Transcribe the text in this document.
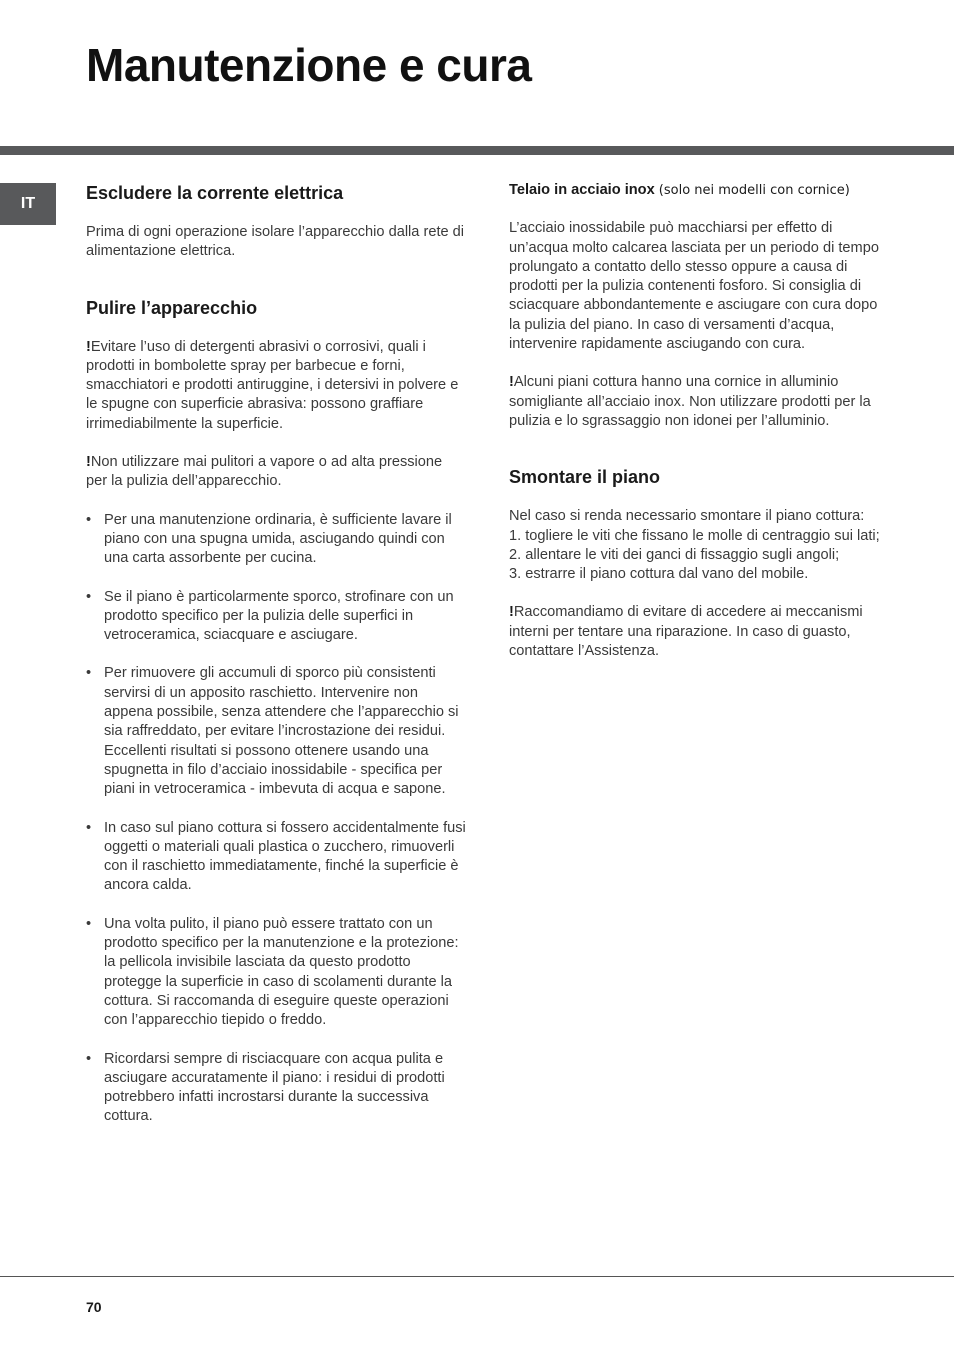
Manutenzione e cura
IT
Escludere la corrente elettrica

Prima di ogni operazione isolare l’apparecchio dalla rete di alimentazione elettrica.

Pulire l’apparecchio

!Evitare l’uso di detergenti abrasivi o corrosivi, quali i prodotti in bombolette spray per barbecue e forni, smacchiatori e prodotti antiruggine, i detersivi in polvere e le spugne con superficie abrasiva: possono graffiare irrimediabilmente la superficie.

!Non utilizzare mai pulitori a vapore o ad alta pressione per la pulizia dell’apparecchio.

• Per una manutenzione ordinaria, è sufficiente lavare il piano con una spugna umida, asciugando quindi con una carta assorbente per cucina.
• Se il piano è particolarmente sporco, strofinare con un prodotto specifico per la pulizia delle superfici in vetroceramica, sciacquare e asciugare.
• Per rimuovere gli accumuli di sporco più consistenti servirsi di un apposito raschietto. Intervenire non appena possibile, senza attendere che l’apparecchio si sia raffreddato, per evitare l’incrostazione dei residui. Eccellenti risultati si possono ottenere usando una spugnetta in filo d’acciaio inossidabile - specifica per piani in vetroceramica - imbevuta di acqua e sapone.
• In caso sul piano cottura si fossero accidentalmente fusi oggetti o materiali quali plastica o zucchero, rimuoverli con il raschietto immediatamente, finché la superficie è ancora calda.
• Una volta pulito, il piano può essere trattato con un prodotto specifico per la manutenzione e la protezione: la pellicola invisibile lasciata da questo prodotto protegge la superficie in caso di scolamenti durante la cottura. Si raccomanda di eseguire queste operazioni con l’apparecchio tiepido o freddo.
• Ricordarsi sempre di risciacquare con acqua pulita e asciugare accuratamente il piano: i residui di prodotti potrebbero infatti incrostarsi durante la successiva cottura.
Telaio in acciaio inox (solo nei modelli con cornice)

L’acciaio inossidabile può macchiarsi per effetto di un’acqua molto calcarea lasciata per un periodo di tempo prolungato a contatto dello stesso oppure a causa di prodotti per la pulizia contenenti fosforo. Si consiglia di sciacquare abbondantemente e asciugare con cura dopo la pulizia del piano. In caso di versamenti d’acqua, intervenire rapidamente asciugando con cura.

!Alcuni piani cottura hanno una cornice in alluminio somigliante all’acciaio inox. Non utilizzare prodotti per la pulizia e lo sgrassaggio non idonei per l’alluminio.

Smontare il piano

Nel caso si renda necessario smontare il piano cottura:

1. togliere le viti che fissano le molle di centraggio sui lati;

2. allentare le viti dei ganci di fissaggio sugli angoli;

3. estrarre il piano cottura dal vano del mobile.

!Raccomandiamo di evitare di accedere ai meccanismi interni per tentare una riparazione. In caso di guasto, contattare l’Assistenza.

70
